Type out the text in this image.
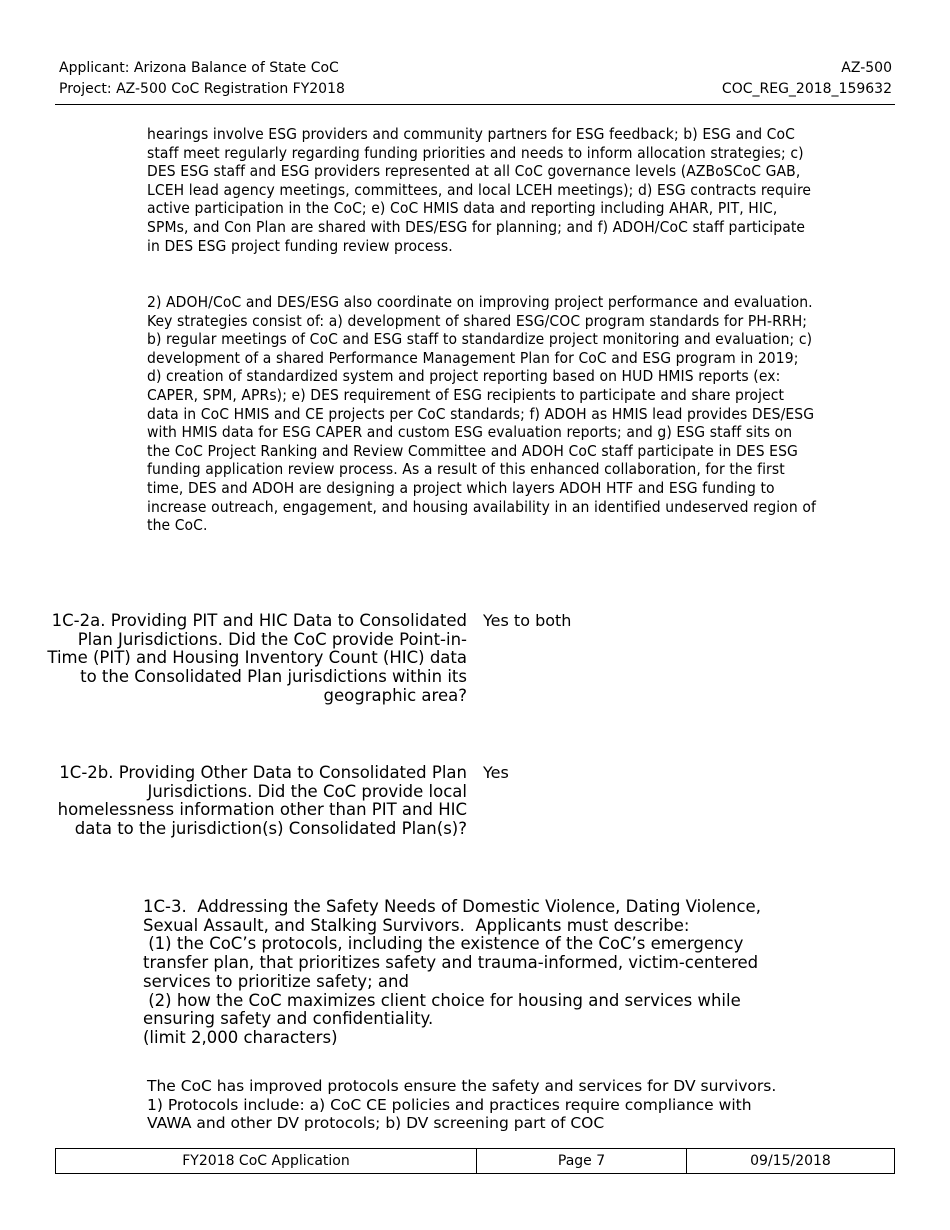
Applicant: Arizona Balance of State CoC
Project: AZ-500 CoC Registration FY2018
AZ-500
COC_REG_2018_159632
hearings involve ESG providers and community partners for ESG feedback; b) ESG and CoC staff meet regularly regarding funding priorities and needs to inform allocation strategies; c) DES ESG staff and ESG providers represented at all CoC governance levels (AZBoSCoC GAB, LCEH lead agency meetings, committees, and local LCEH meetings); d) ESG contracts require active participation in the CoC; e) CoC HMIS data and reporting including AHAR, PIT, HIC, SPMs, and Con Plan are shared with DES/ESG for planning; and f) ADOH/CoC staff participate in DES ESG project funding review process.
2) ADOH/CoC and DES/ESG also coordinate on improving project performance and evaluation. Key strategies consist of: a) development of shared ESG/COC program standards for PH-RRH; b) regular meetings of CoC and ESG staff to standardize project monitoring and evaluation; c) development of a shared Performance Management Plan for CoC and ESG program in 2019; d) creation of standardized system and project reporting based on HUD HMIS reports (ex: CAPER, SPM, APRs); e) DES requirement of ESG recipients to participate and share project data in CoC HMIS and CE projects per CoC standards; f) ADOH as HMIS lead provides DES/ESG with HMIS data for ESG CAPER and custom ESG evaluation reports; and g) ESG staff sits on the CoC Project Ranking and Review Committee and ADOH CoC staff participate in DES ESG funding application review process. As a result of this enhanced collaboration, for the first time, DES and ADOH are designing a project which layers ADOH HTF and ESG funding to increase outreach, engagement, and housing availability in an identified undeserved region of the CoC.
1C-2a. Providing PIT and HIC Data to Consolidated Plan Jurisdictions. Did the CoC provide Point-in-Time (PIT) and Housing Inventory Count (HIC) data to the Consolidated Plan jurisdictions within its geographic area?
Yes to both
1C-2b. Providing Other Data to Consolidated Plan Jurisdictions. Did the CoC provide local homelessness information other than PIT and HIC data to the jurisdiction(s) Consolidated Plan(s)?
Yes
1C-3.  Addressing the Safety Needs of Domestic Violence, Dating Violence, Sexual Assault, and Stalking Survivors.  Applicants must describe:
(1) the CoC’s protocols, including the existence of the CoC’s emergency transfer plan, that prioritizes safety and trauma-informed, victim-centered services to prioritize safety; and
(2) how the CoC maximizes client choice for housing and services while ensuring safety and confidentiality.
(limit 2,000 characters)
The CoC has improved protocols ensure the safety and services for DV survivors. 1) Protocols include: a) CoC CE policies and practices require compliance with VAWA and other DV protocols; b) DV screening part of COC
FY2018 CoC Application	Page 7	09/15/2018
